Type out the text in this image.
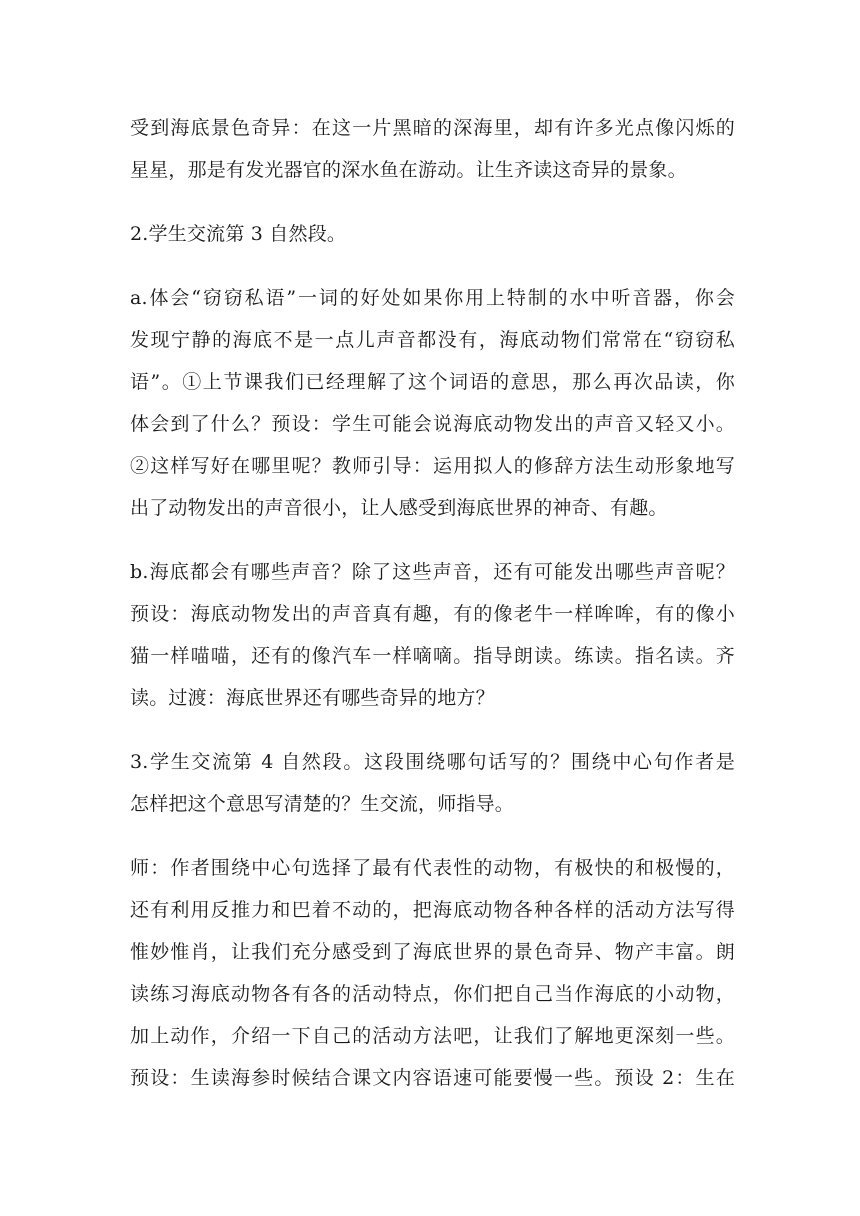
受到海底景色奇异：在这一片黑暗的深海里，却有许多光点像闪烁的
星星，那是有发光器官的深水鱼在游动。让生齐读这奇异的景象。

2.学生交流第 3 自然段。

a.体会“窃窃私语”一词的好处如果你用上特制的水中听音器，你会
发现宁静的海底不是一点儿声音都没有，海底动物们常常在“窃窃私
语”。①上节课我们已经理解了这个词语的意思，那么再次品读，你
体会到了什么？预设：学生可能会说海底动物发出的声音又轻又小。
②这样写好在哪里呢？教师引导：运用拟人的修辞方法生动形象地写
出了动物发出的声音很小，让人感受到海底世界的神奇、有趣。

b.海底都会有哪些声音？除了这些声音，还有可能发出哪些声音呢？
预设：海底动物发出的声音真有趣，有的像老牛一样哞哞，有的像小
猫一样喵喵，还有的像汽车一样嘀嘀。指导朗读。练读。指名读。齐
读。过渡：海底世界还有哪些奇异的地方？

3.学生交流第 4 自然段。这段围绕哪句话写的？围绕中心句作者是
怎样把这个意思写清楚的？生交流，师指导。

师：作者围绕中心句选择了最有代表性的动物，有极快的和极慢的，
还有利用反推力和巴着不动的，把海底动物各种各样的活动方法写得
惟妙惟肖，让我们充分感受到了海底世界的景色奇异、物产丰富。朗
读练习海底动物各有各的活动特点，你们把自己当作海底的小动物，
加上动作，介绍一下自己的活动方法吧，让我们了解地更深刻一些。
预设：生读海参时候结合课文内容语速可能要慢一些。预设 2：生在
